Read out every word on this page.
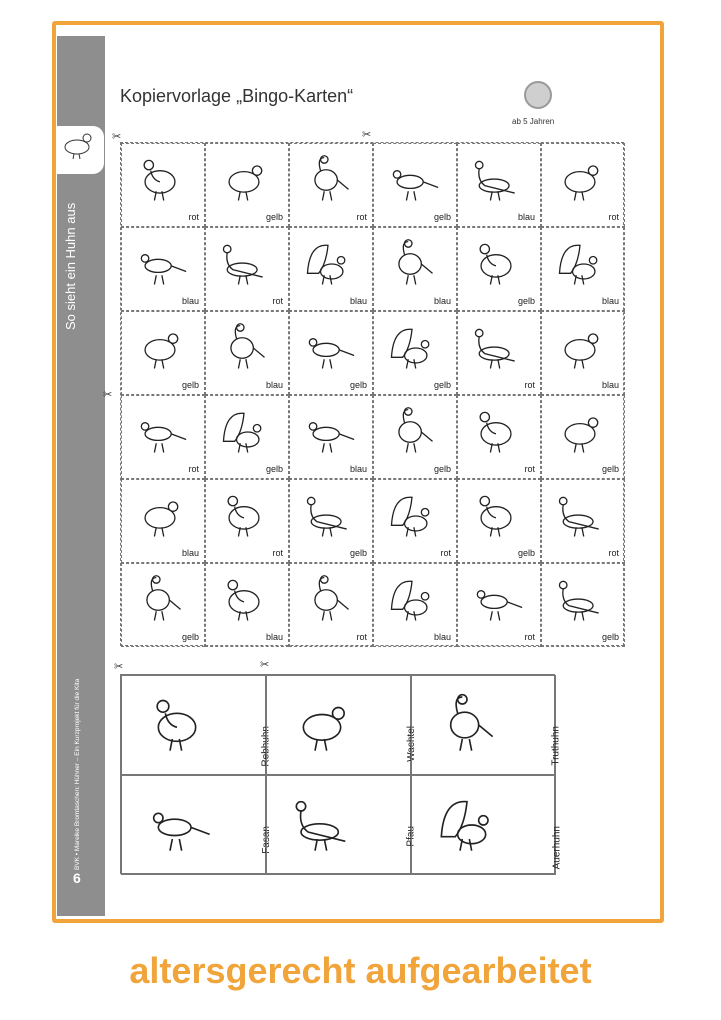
So sieht ein Huhn aus
BVK • Mareike Bromtaschen: Hühner – Ein Kurzprojekt für die Kita
6
Kopiervorlage „Bingo-Karten“
ab 5 Jahren
✂	✂
✂
✂	✂
rot	gelb	rot	gelb	blau	rot
blau	rot	blau	blau	gelb	blau
gelb	blau	gelb	gelb	rot	blau
rot	gelb	blau	gelb	rot	gelb
blau	rot	gelb	rot	gelb	rot
gelb	blau	rot	blau	rot	gelb
Rebhuhn	Wachtel	Truthuhn
Fasan	Pfau	Auerhuhn
altersgerecht aufgearbeitet
